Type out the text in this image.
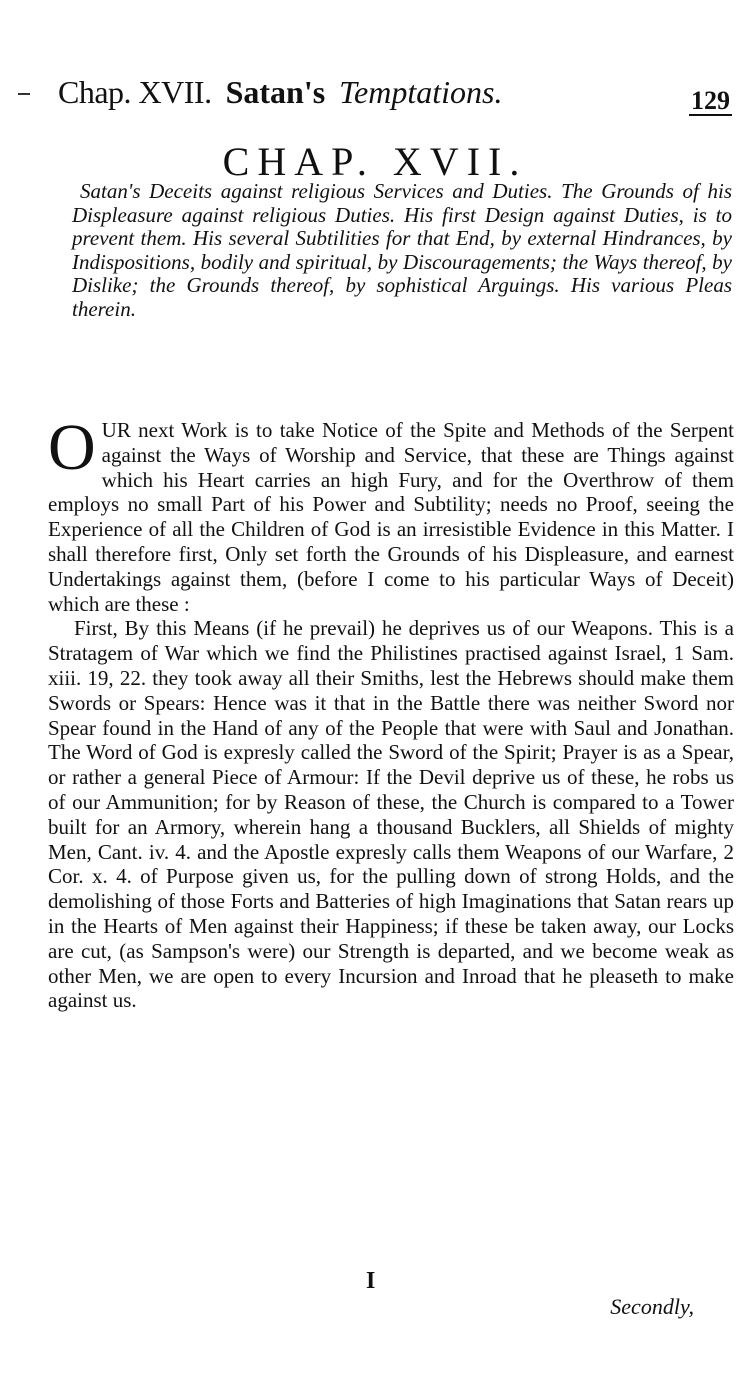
Chap. XVII. Satan's Temptations.	129
CHAP. XVII.
Satan's Deceits against religious Services and Duties. The Grounds of his Displeasure against religious Duties. His first Design against Duties, is to prevent them. His several Subtilities for that End, by external Hindrances, by Indispositions, bodily and spiritual, by Discouragements; the Ways thereof, by Dislike; the Grounds thereof, by sophistical Arguings. His various Pleas therein.

OUR next Work is to take Notice of the Spite and Methods of the Serpent against the Ways of Worship and Service, that these are Things against which his Heart carries an high Fury, and for the Overthrow of them employs no small Part of his Power and Subtility; needs no Proof, seeing the Experience of all the Children of God is an irresistible Evidence in this Matter. I shall therefore first, Only set forth the Grounds of his Displeasure, and earnest Undertakings against them, (before I come to his particular Ways of Deceit) which are these :

First, By this Means (if he prevail) he deprives us of our Weapons. This is a Stratagem of War which we find the Philistines practised against Israel, 1 Sam. xiii. 19, 22. they took away all their Smiths, lest the Hebrews should make them Swords or Spears: Hence was it that in the Battle there was neither Sword nor Spear found in the Hand of any of the People that were with Saul and Jonathan. The Word of God is expresly called the Sword of the Spirit; Prayer is as a Spear, or rather a general Piece of Armour: If the Devil deprive us of these, he robs us of our Ammunition; for by Reason of these, the Church is compared to a Tower built for an Armory, wherein hang a thousand Bucklers, all Shields of mighty Men, Cant. iv. 4. and the Apostle expresly calls them Weapons of our Warfare, 2 Cor. x. 4. of Purpose given us, for the pulling down of strong Holds, and the demolishing of those Forts and Batteries of high Imaginations that Satan rears up in the Hearts of Men against their Happiness; if these be taken away, our Locks are cut, (as Sampson's were) our Strength is departed, and we become weak as other Men, we are open to every Incursion and Inroad that he pleaseth to make against us.

I
Secondly,
